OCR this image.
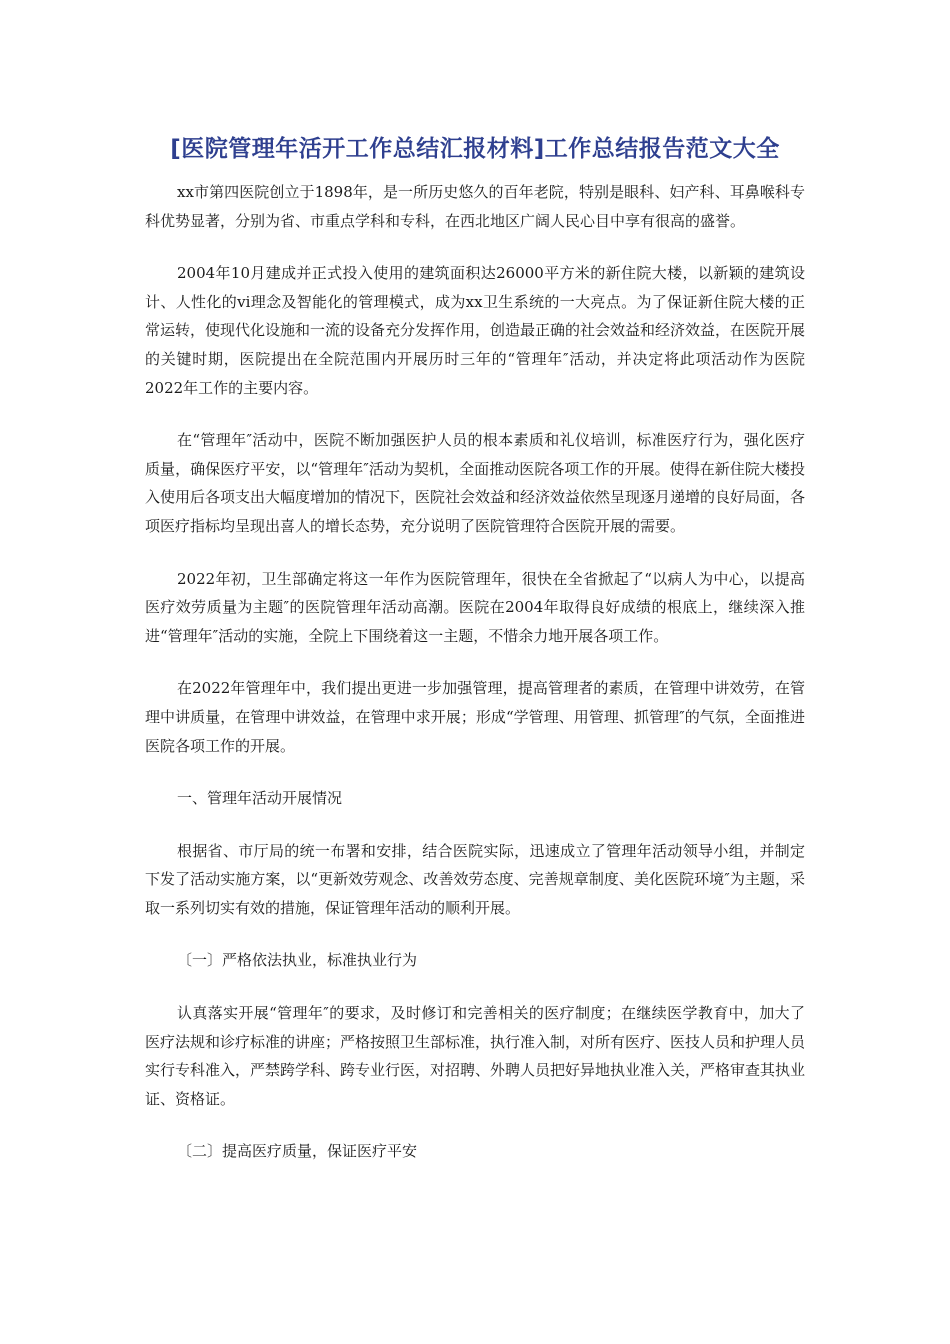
[医院管理年活开工作总结汇报材料]工作总结报告范文大全

xx市第四医院创立于1898年，是一所历史悠久的百年老院，特别是眼科、妇产科、耳鼻喉科专科优势显著，分别为省、市重点学科和专科，在西北地区广阔人民心目中享有很高的盛誉。

2004年10月建成并正式投入使用的建筑面积达26000平方米的新住院大楼，以新颖的建筑设计、人性化的vi理念及智能化的管理模式，成为xx卫生系统的一大亮点。为了保证新住院大楼的正常运转，使现代化设施和一流的设备充分发挥作用，创造最正确的社会效益和经济效益，在医院开展的关键时期，医院提出在全院范围内开展历时三年的“管理年″活动，并决定将此项活动作为医院2022年工作的主要内容。

在“管理年″活动中，医院不断加强医护人员的根本素质和礼仪培训，标准医疗行为，强化医疗质量，确保医疗平安，以“管理年″活动为契机，全面推动医院各项工作的开展。使得在新住院大楼投入使用后各项支出大幅度增加的情况下，医院社会效益和经济效益依然呈现逐月递增的良好局面，各项医疗指标均呈现出喜人的增长态势，充分说明了医院管理符合医院开展的需要。

2022年初，卫生部确定将这一年作为医院管理年，很快在全省掀起了“以病人为中心，以提高医疗效劳质量为主题″的医院管理年活动高潮。医院在2004年取得良好成绩的根底上，继续深入推进“管理年″活动的实施，全院上下围绕着这一主题，不惜余力地开展各项工作。

在2022年管理年中，我们提出更进一步加强管理，提高管理者的素质，在管理中讲效劳，在管理中讲质量，在管理中讲效益，在管理中求开展；形成“学管理、用管理、抓管理″的气氛，全面推进医院各项工作的开展。

一、管理年活动开展情况

根据省、市厅局的统一布署和安排，结合医院实际，迅速成立了管理年活动领导小组，并制定下发了活动实施方案，以“更新效劳观念、改善效劳态度、完善规章制度、美化医院环境″为主题，采取一系列切实有效的措施，保证管理年活动的顺利开展。

〔一〕严格依法执业，标准执业行为

认真落实开展“管理年″的要求，及时修订和完善相关的医疗制度；在继续医学教育中，加大了医疗法规和诊疗标准的讲座；严格按照卫生部标准，执行准入制，对所有医疗、医技人员和护理人员实行专科准入，严禁跨学科、跨专业行医，对招聘、外聘人员把好异地执业准入关，严格审查其执业证、资格证。

〔二〕提高医疗质量，保证医疗平安
